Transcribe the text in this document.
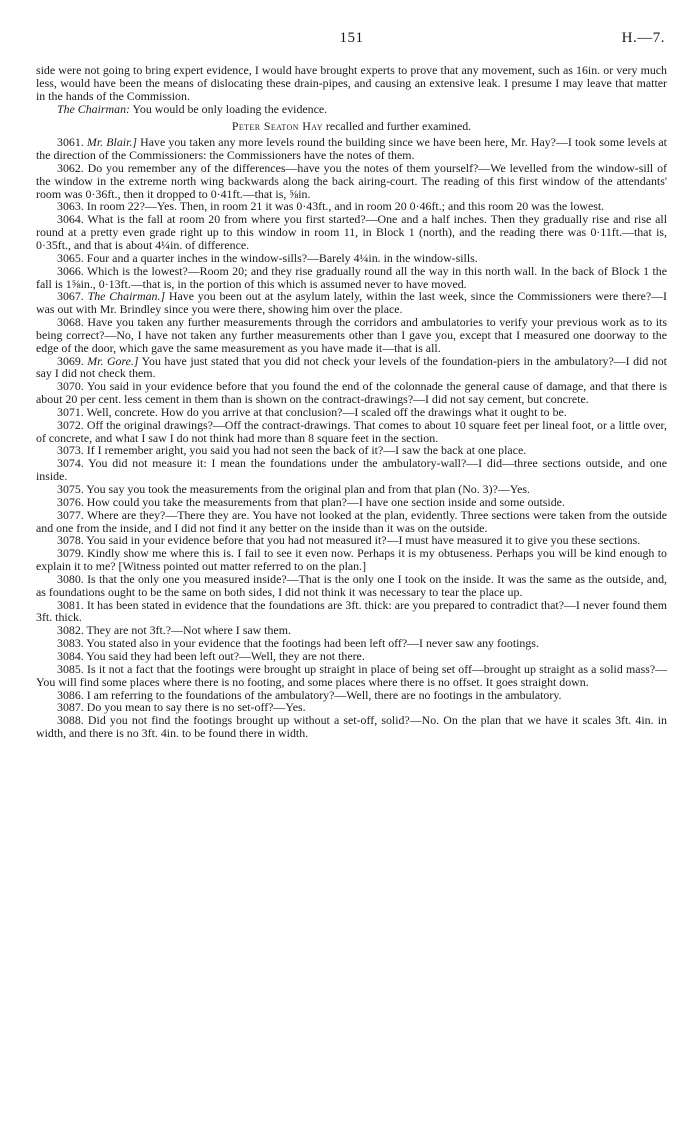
151	H.—7.

side were not going to bring expert evidence, I would have brought experts to prove that any movement, such as 16in. or very much less, would have been the means of dislocating these drain-pipes, and causing an extensive leak. I presume I may leave that matter in the hands of the Commission.

The Chairman: You would be only loading the evidence.

Peter Seaton Hay recalled and further examined.

3061. Mr. Blair.] Have you taken any more levels round the building since we have been here, Mr. Hay?—I took some levels at the direction of the Commissioners: the Commissioners have the notes of them.

3062. Do you remember any of the differences—have you the notes of them yourself?—We levelled from the window-sill of the window in the extreme north wing backwards along the back airing-court. The reading of this first window of the attendants' room was 0·36ft., then it dropped to 0·41ft.—that is, ⅝in.

3063. In room 22?—Yes. Then, in room 21 it was 0·43ft., and in room 20 0·46ft.; and this room 20 was the lowest.

3064. What is the fall at room 20 from where you first started?—One and a half inches. Then they gradually rise and rise all round at a pretty even grade right up to this window in room 11, in Block 1 (north), and the reading there was 0·11ft.—that is, 0·35ft., and that is about 4¼in. of difference.

3065. Four and a quarter inches in the window-sills?—Barely 4¼in. in the window-sills.

3066. Which is the lowest?—Room 20; and they rise gradually round all the way in this north wall. In the back of Block 1 the fall is 1⅝in., 0·13ft.—that is, in the portion of this which is assumed never to have moved.

3067. The Chairman.] Have you been out at the asylum lately, within the last week, since the Commissioners were there?—I was out with Mr. Brindley since you were there, showing him over the place.

3068. Have you taken any further measurements through the corridors and ambulatories to verify your previous work as to its being correct?—No, I have not taken any further measurements other than I gave you, except that I measured one doorway to the edge of the door, which gave the same measurement as you have made it—that is all.

3069. Mr. Gore.] You have just stated that you did not check your levels of the foundation-piers in the ambulatory?—I did not say I did not check them.

3070. You said in your evidence before that you found the end of the colonnade the general cause of damage, and that there is about 20 per cent. less cement in them than is shown on the contract-drawings?—I did not say cement, but concrete.

3071. Well, concrete. How do you arrive at that conclusion?—I scaled off the drawings what it ought to be.

3072. Off the original drawings?—Off the contract-drawings. That comes to about 10 square feet per lineal foot, or a little over, of concrete, and what I saw I do not think had more than 8 square feet in the section.

3073. If I remember aright, you said you had not seen the back of it?—I saw the back at one place.

3074. You did not measure it: I mean the foundations under the ambulatory-wall?—I did—three sections outside, and one inside.

3075. You say you took the measurements from the original plan and from that plan (No. 3)?—Yes.

3076. How could you take the measurements from that plan?—I have one section inside and some outside.

3077. Where are they?—There they are. You have not looked at the plan, evidently. Three sections were taken from the outside and one from the inside, and I did not find it any better on the inside than it was on the outside.

3078. You said in your evidence before that you had not measured it?—I must have measured it to give you these sections.

3079. Kindly show me where this is. I fail to see it even now. Perhaps it is my obtuseness. Perhaps you will be kind enough to explain it to me? [Witness pointed out matter referred to on the plan.]

3080. Is that the only one you measured inside?—That is the only one I took on the inside. It was the same as the outside, and, as foundations ought to be the same on both sides, I did not think it was necessary to tear the place up.

3081. It has been stated in evidence that the foundations are 3ft. thick: are you prepared to contradict that?—I never found them 3ft. thick.

3082. They are not 3ft.?—Not where I saw them.

3083. You stated also in your evidence that the footings had been left off?—I never saw any footings.

3084. You said they had been left out?—Well, they are not there.

3085. Is it not a fact that the footings were brought up straight in place of being set off—brought up straight as a solid mass?—You will find some places where there is no footing, and some places where there is no offset. It goes straight down.

3086. I am referring to the foundations of the ambulatory?—Well, there are no footings in the ambulatory.

3087. Do you mean to say there is no set-off?—Yes.

3088. Did you not find the footings brought up without a set-off, solid?—No. On the plan that we have it scales 3ft. 4in. in width, and there is no 3ft. 4in. to be found there in width.
